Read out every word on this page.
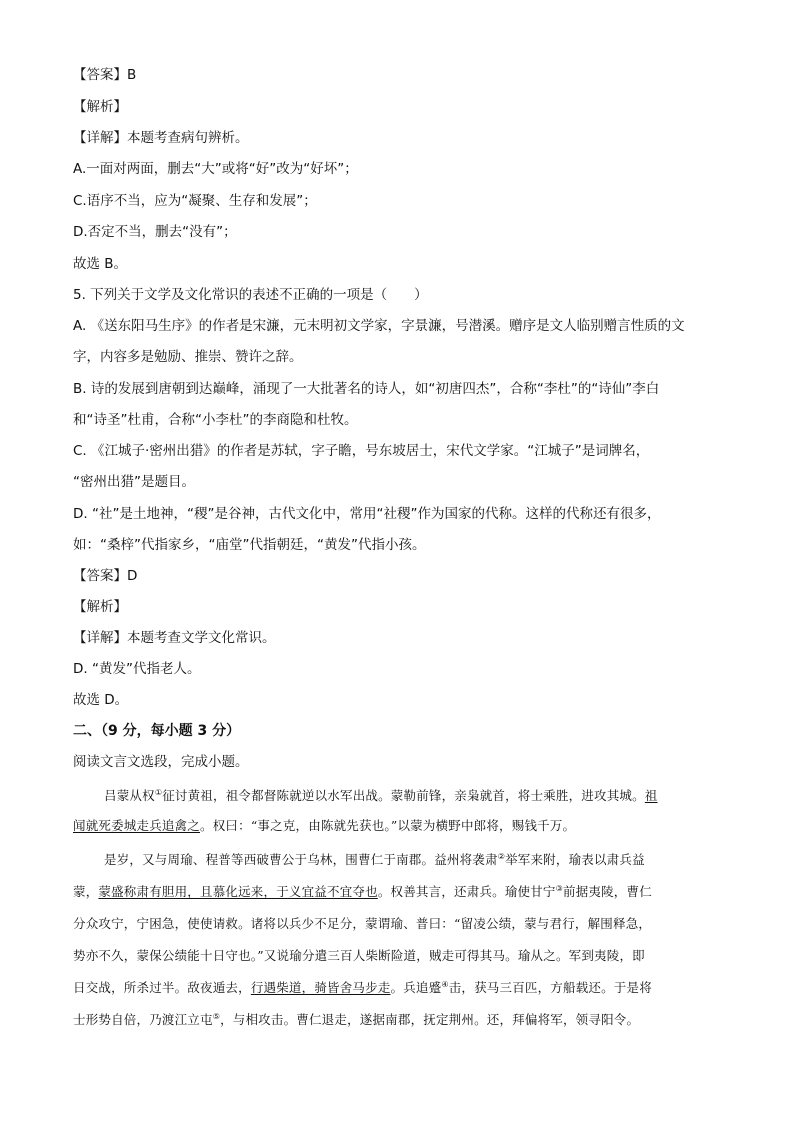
【答案】B
【解析】
【详解】本题考查病句辨析。
A.一面对两面，删去“大”或将“好”改为“好坏”；
C.语序不当，应为“凝聚、生存和发展”；
D.否定不当，删去“没有”；
故选 B。
5. 下列关于文学及文化常识的表述不正确的一项是（　　）
A. 《送东阳马生序》的作者是宋濂，元末明初文学家，字景濂，号潜溪。赠序是文人临别赠言性质的文
字，内容多是勉励、推崇、赞许之辞。
B. 诗的发展到唐朝到达巅峰，涌现了一大批著名的诗人，如“初唐四杰”，合称“李杜”的“诗仙”李白
和“诗圣”杜甫，合称“小李杜”的李商隐和杜牧。
C. 《江城子·密州出猎》的作者是苏轼，字子瞻，号东坡居士，宋代文学家。“江城子”是词牌名，
“密州出猎”是题目。
D. “社”是土地神，“稷”是谷神，古代文化中，常用“社稷”作为国家的代称。这样的代称还有很多，
如：“桑梓”代指家乡，“庙堂”代指朝廷，“黄发”代指小孩。
【答案】D
【解析】
【详解】本题考查文学文化常识。
D. “黄发”代指老人。
故选 D。
二、（9 分，每小题 3 分）
阅读文言文选段，完成小题。
吕蒙从权①征讨黄祖，祖令都督陈就逆以水军出战。蒙勒前锋，亲枭就首，将士乘胜，进攻其城。祖
闻就死委城走兵追禽之。权曰：“事之克，由陈就先获也。”以蒙为横野中郎将，赐钱千万。
是岁，又与周瑜、程普等西破曹公于乌林，围曹仁于南郡。益州将袭肃②举军来附，瑜表以肃兵益
蒙，蒙盛称肃有胆用，且慕化远来，于义宜益不宜夺也。权善其言，还肃兵。瑜使甘宁③前据夷陵，曹仁
分众攻宁，宁困急，使使请救。诸将以兵少不足分，蒙谓瑜、普曰：“留凌公绩，蒙与君行，解围释急，
势亦不久，蒙保公绩能十日守也。”又说瑜分遣三百人柴断险道，贼走可得其马。瑜从之。军到夷陵，即
日交战，所杀过半。敌夜遁去，行遇柴道，骑皆舍马步走。兵追蹙④击，获马三百匹，方船载还。于是将
士形势自倍，乃渡江立屯⑤，与相攻击。曹仁退走，遂据南郡，抚定荆州。还，拜偏将军，领寻阳令。
